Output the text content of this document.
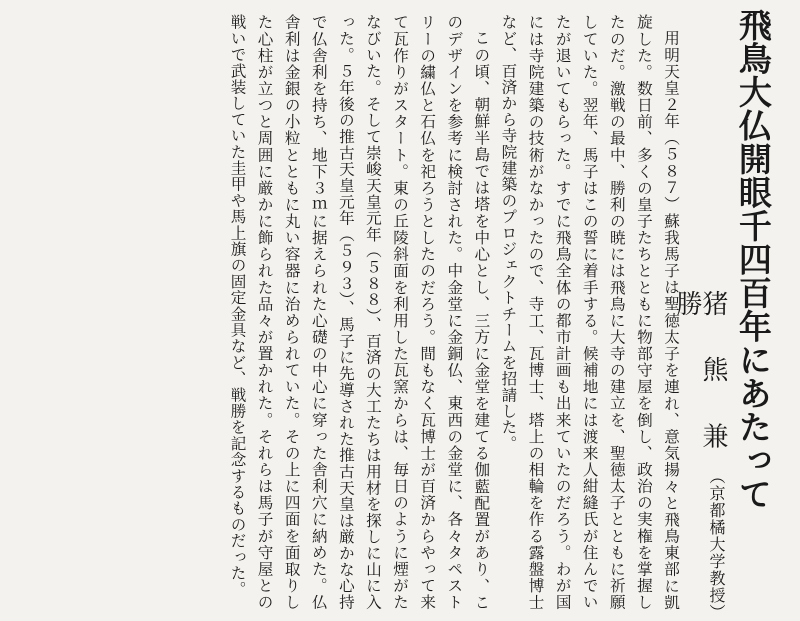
飛鳥大仏開眼千四百年にあたって
猪 熊 兼 勝
（京都橘大学教授）

用明天皇２年（５８７）蘇我馬子は聖徳太子を連れ、意気揚々と飛鳥東部に凱旋した。数日前、多くの皇子たちとともに物部守屋を倒し、政治の実権を掌握したのだ。激戦の最中、勝利の暁には飛鳥に大寺の建立を、聖徳太子とともに祈願していた。翌年、馬子はこの誓に着手する。候補地には渡来人紺縫氏が住んでいたが退いてもらった。すでに飛鳥全体の都市計画も出来ていたのだろう。わが国には寺院建築の技術がなかったので、寺工、瓦博士、塔上の相輪を作る露盤博士など、百済から寺院建築のプロジェクトチームを招請した。

この頃、朝鮮半島では塔を中心とし、三方に金堂を建てる伽藍配置があり、このデザインを参考に検討された。中金堂に金銅仏、東西の金堂に、各々タペストリーの繍仏と石仏を祀ろうとしたのだろう。間もなく瓦博士が百済からやって来て瓦作りがスタート。東の丘陵斜面を利用した瓦窯からは、毎日のように煙がたなびいた。そして崇峻天皇元年（５８８）、百済の大工たちは用材を探しに山に入った。５年後の推古天皇元年（５９３）、馬子に先導された推古天皇は厳かな心持で仏舎利を持ち、地下３ｍに据えられた心礎の中心に穿った舎利穴に納めた。仏舎利は金銀の小粒とともに丸い容器に治められていた。その上に四面を面取りした心柱が立つと周囲に厳かに飾られた品々が置かれた。それらは馬子が守屋との戦いで武装していた圭甲や馬上旗の固定金具など、戦勝を記念するものだった。
